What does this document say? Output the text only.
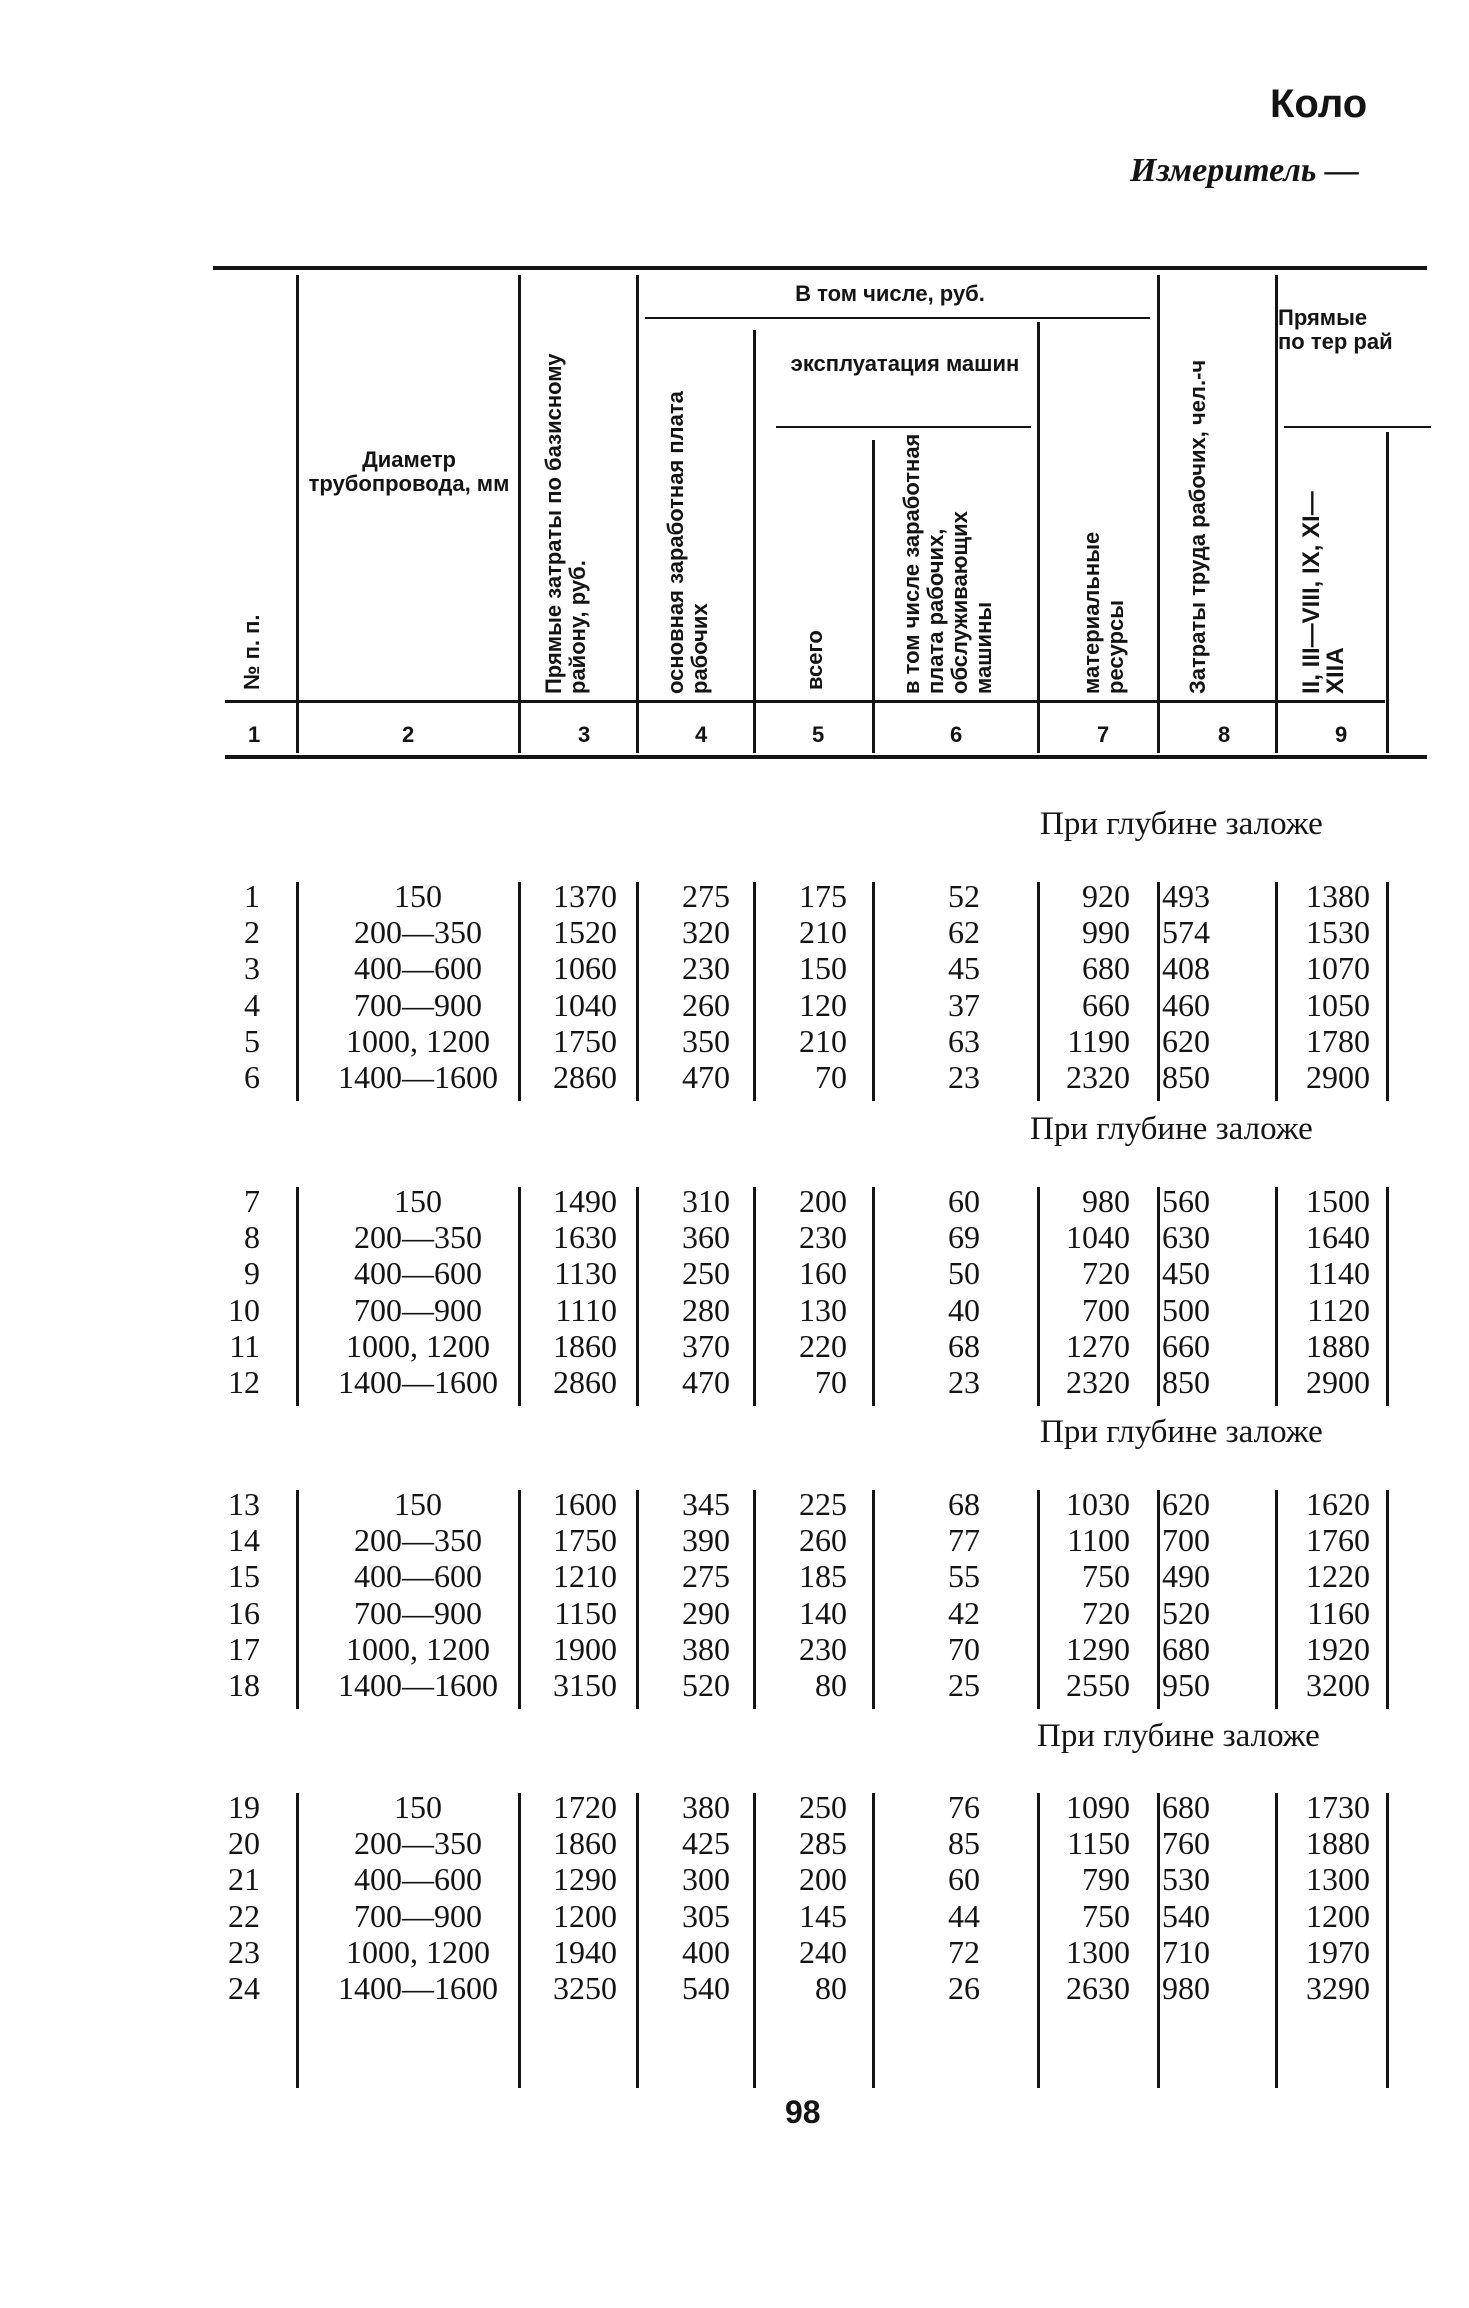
Коло
Измеритель —
В том числе, руб.
эксплуатация машин
Прямые по тер рай
Диаметр трубопровода, мм
№ п. п.	Прямые затраты по базисному району, руб.	основная заработная плата рабочих	всего	в том числе заработная плата рабочих, обслуживающих машины	материальные ресурсы	Затраты труда рабочих, чел.-ч	II, III—VIII, IX, XI—XIIA
1	2	3	4	5	6	7	8	9
При глубине заложе
1	150	1370	275	175	52	920	493	1380
2	200—350	1520	320	210	62	990	574	1530
3	400—600	1060	230	150	45	680	408	1070
4	700—900	1040	260	120	37	660	460	1050
5	1000, 1200	1750	350	210	63	1190	620	1780
6	1400—1600	2860	470	70	23	2320	850	2900
При глубине заложе
7	150	1490	310	200	60	980	560	1500
8	200—350	1630	360	230	69	1040	630	1640
9	400—600	1130	250	160	50	720	450	1140
10	700—900	1110	280	130	40	700	500	1120
11	1000, 1200	1860	370	220	68	1270	660	1880
12	1400—1600	2860	470	70	23	2320	850	2900
При глубине заложе
13	150	1600	345	225	68	1030	620	1620
14	200—350	1750	390	260	77	1100	700	1760
15	400—600	1210	275	185	55	750	490	1220
16	700—900	1150	290	140	42	720	520	1160
17	1000, 1200	1900	380	230	70	1290	680	1920
18	1400—1600	3150	520	80	25	2550	950	3200
При глубине заложе
19	150	1720	380	250	76	1090	680	1730
20	200—350	1860	425	285	85	1150	760	1880
21	400—600	1290	300	200	60	790	530	1300
22	700—900	1200	305	145	44	750	540	1200
23	1000, 1200	1940	400	240	72	1300	710	1970
24	1400—1600	3250	540	80	26	2630	980	3290
98
